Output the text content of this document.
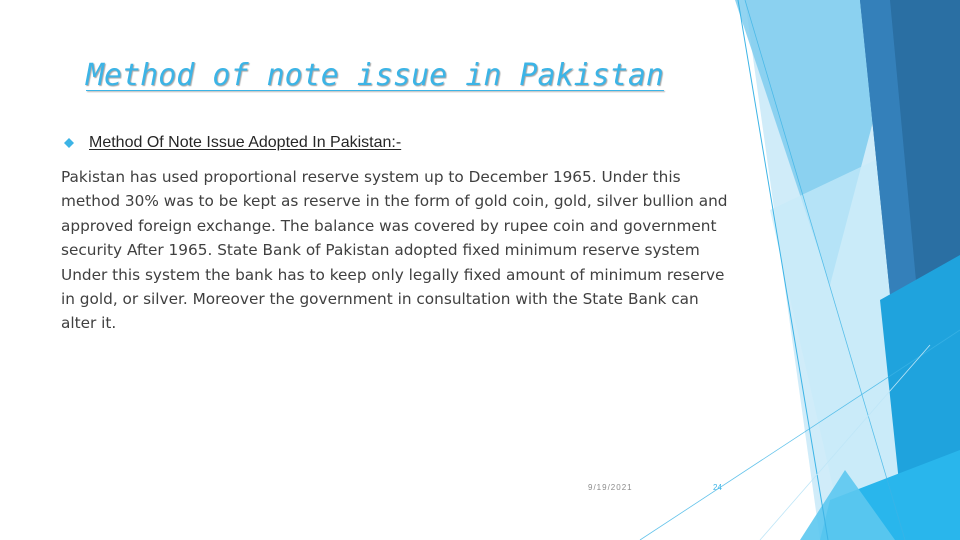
Method of note issue in Pakistan
Method Of Note Issue Adopted In Pakistan:-

Pakistan has used proportional reserve system up to December 1965. Under this method 30% was to be kept as reserve in the form of gold coin, gold, silver bullion and approved foreign exchange. The balance was covered by rupee coin and government security After 1965. State Bank of Pakistan adopted fixed minimum reserve system Under this system the bank has to keep only legally fixed amount of minimum reserve in gold, or silver. Moreover the government in consultation with the State Bank can alter it.

9/19/2021	24
